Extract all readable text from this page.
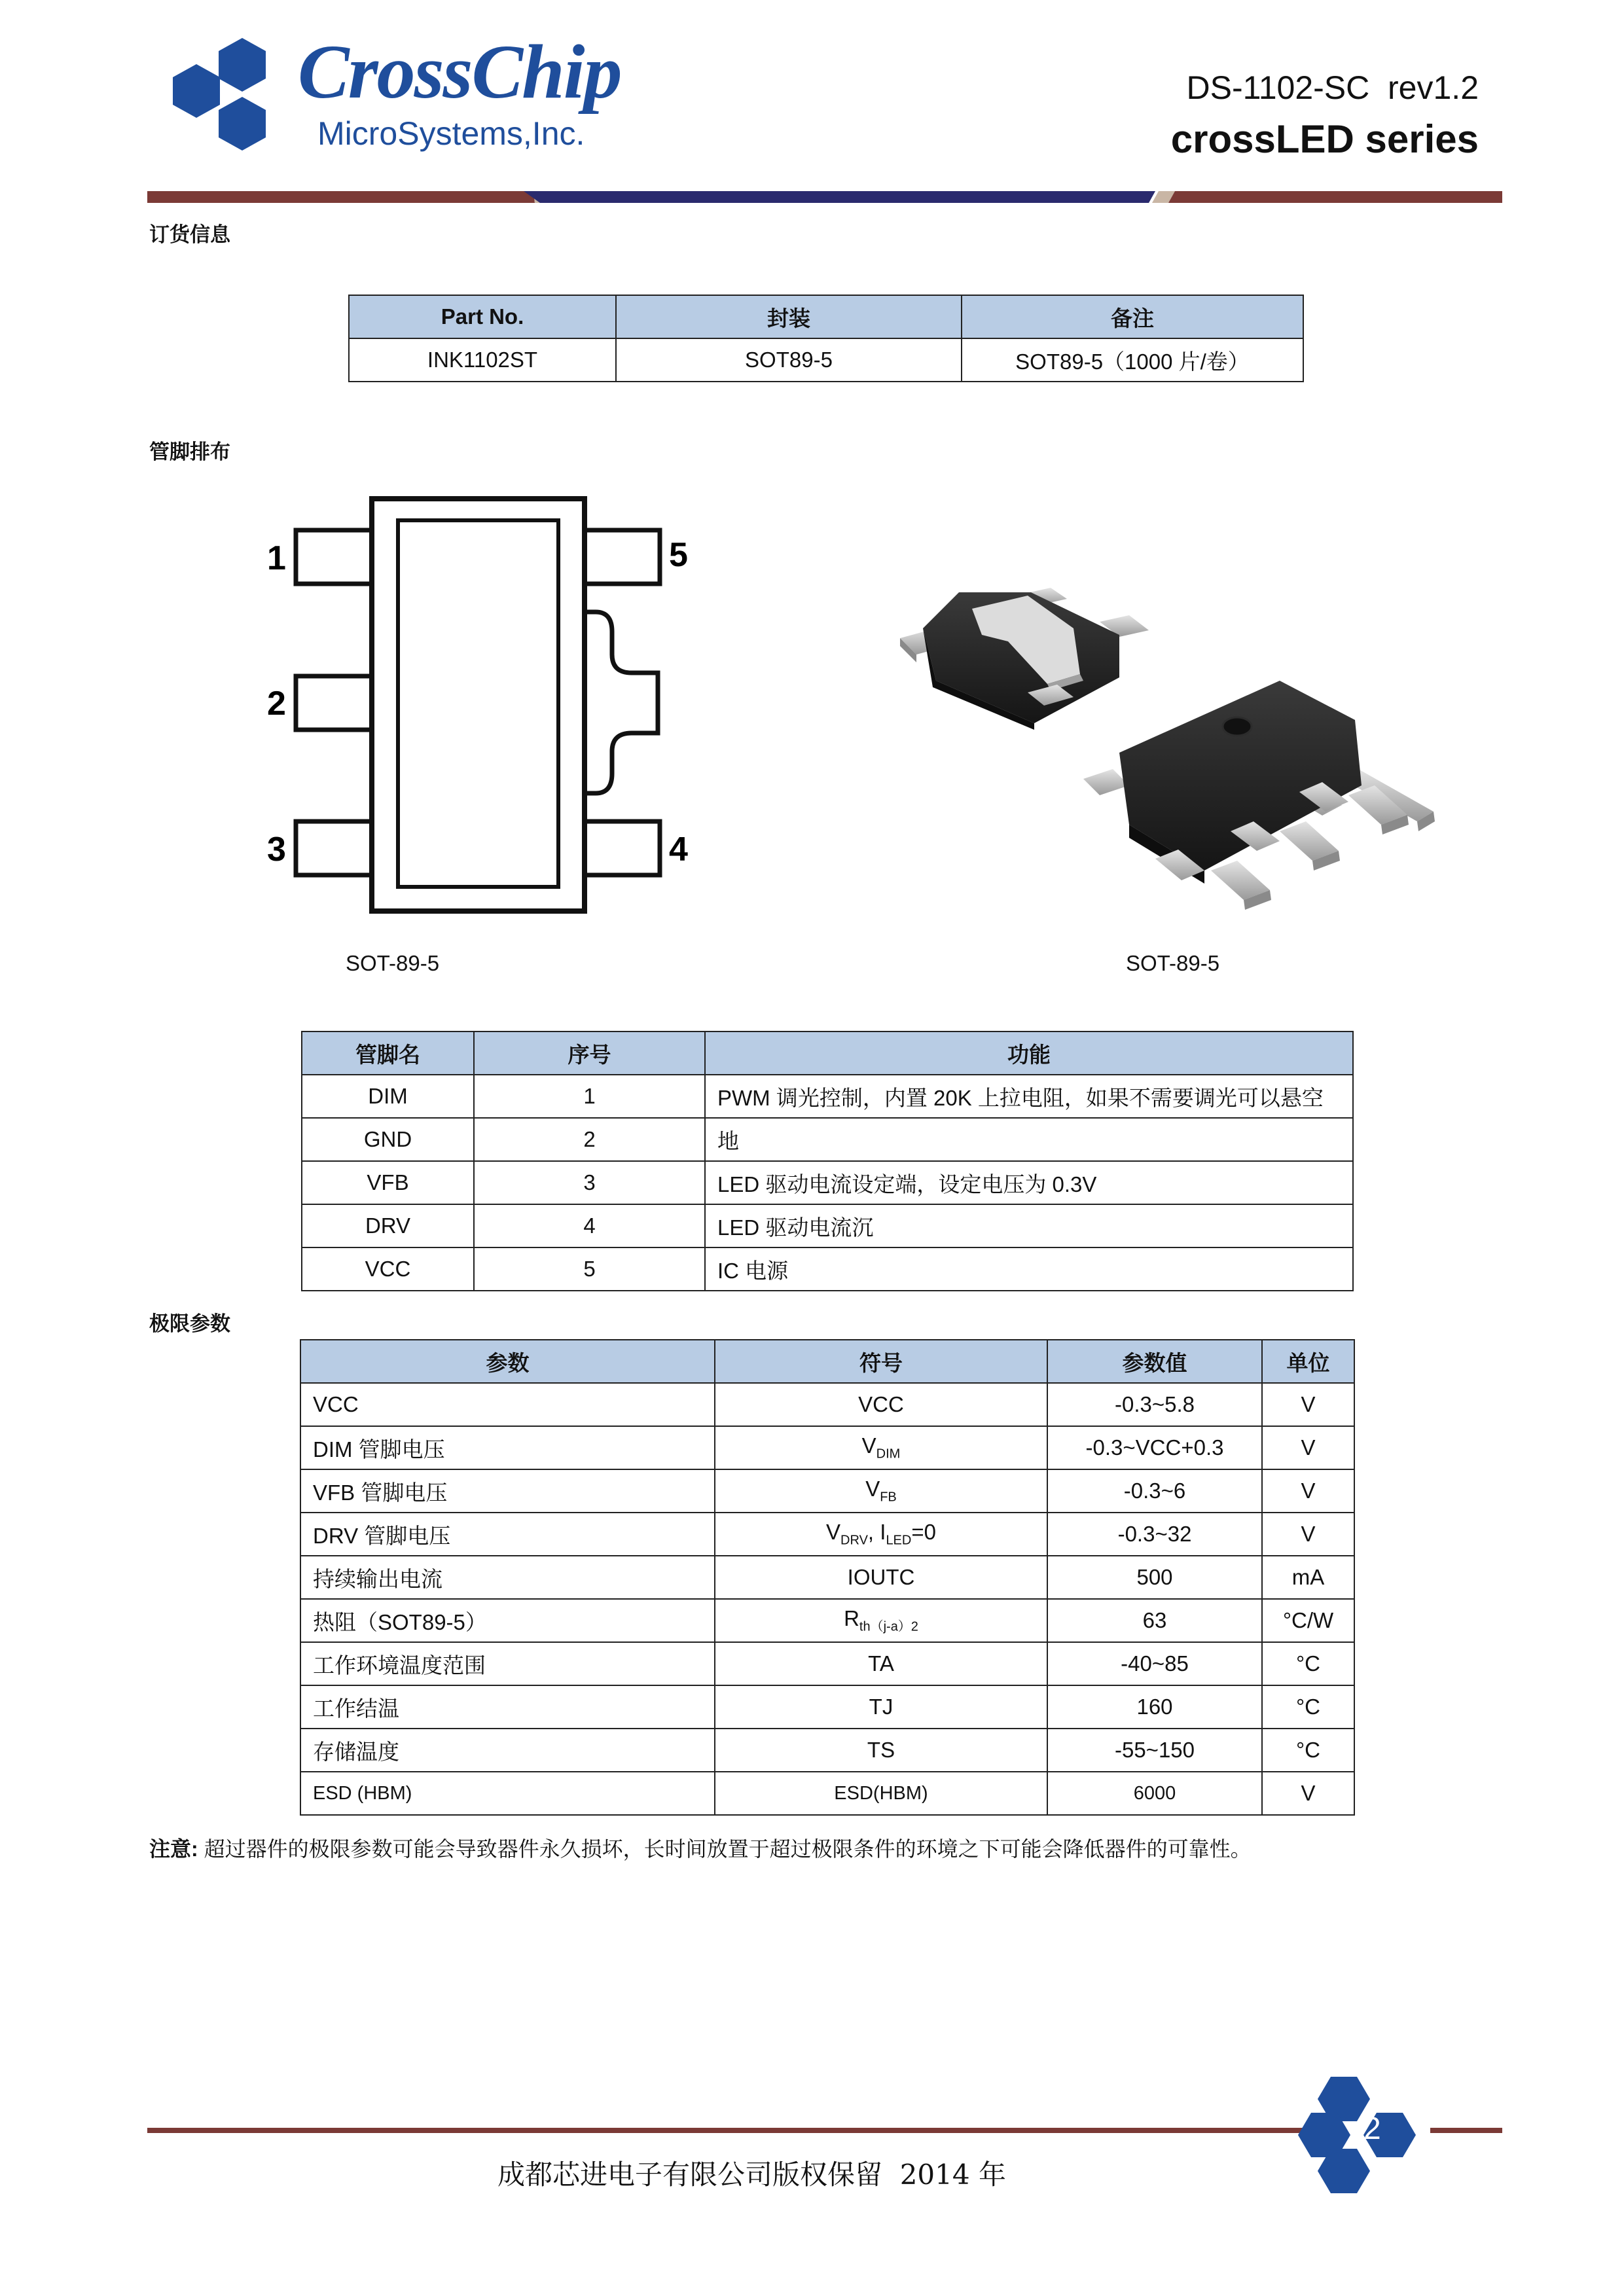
CrossChip
MicroSystems,Inc.
DS-1102-SC  rev1.2
crossLED series
订货信息
Part No.	封装	备注
INK1102ST	SOT89-5	SOT89-5（1000 片/卷）
管脚排布
1
2
3	4
5
SOT-89-5	SOT-89-5
管脚名	序号	功能
DIM	1	PWM 调光控制，内置 20K 上拉电阻，如果不需要调光可以悬空
GND	2	地
VFB	3	LED 驱动电流设定端，设定电压为 0.3V
DRV	4	LED 驱动电流沉
VCC	5	IC 电源
极限参数
参数	符号	参数值	单位
VCC	VCC	-0.3~5.8	V
DIM 管脚电压	$V_{DIM}$	-0.3~VCC+0.3	V
VFB 管脚电压	$V_{FB}$	-0.3~6	V
DRV 管脚电压	$V_{DRV}$, $I_{LED}=0$	-0.3~32	V
持续输出电流	IOUTC	500	mA
热阻（SOT89-5）	$R_{th(j-a)2}$	63	°C/W
工作环境温度范围	TA	-40~85	°C
工作结温	TJ	160	°C
存储温度	TS	-55~150	°C
ESD (HBM)	ESD(HBM)	6000	V
注意: 超过器件的极限参数可能会导致器件永久损坏，长时间放置于超过极限条件的环境之下可能会降低器件的可靠性。
2
成都芯进电子有限公司版权保留  2014 年
